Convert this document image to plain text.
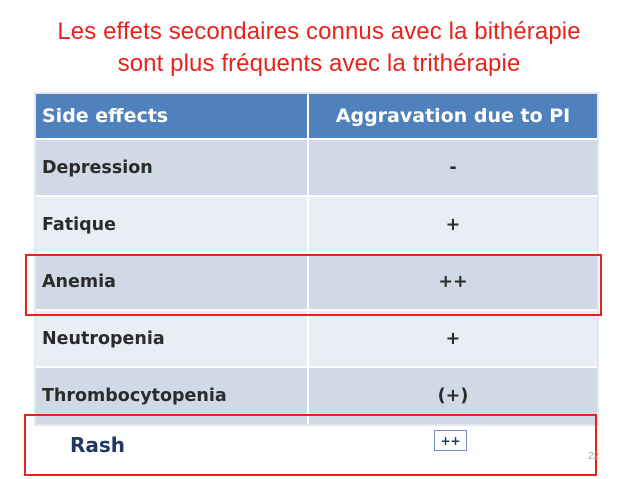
Les effets secondaires connus avec la bithérapie
sont plus fréquents avec la trithérapie
Side effects	Aggravation due to PI
Depression	-
Fatique	+
Anemia	++
Neutropenia	+
Thrombocytopenia	(+)
Rash	++
22
